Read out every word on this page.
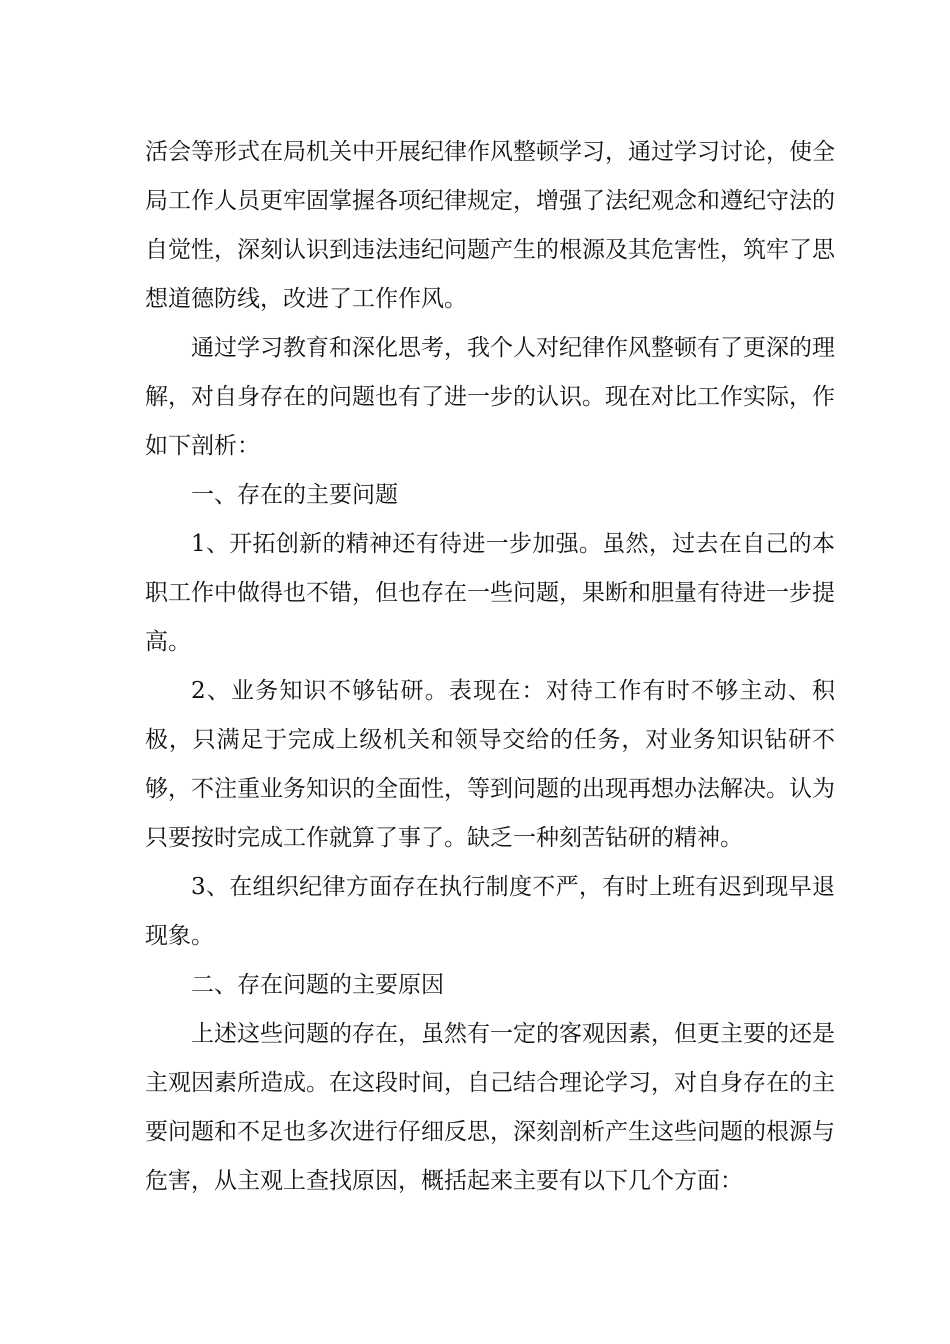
活会等形式在局机关中开展纪律作风整顿学习，通过学习讨论，使全局工作人员更牢固掌握各项纪律规定，增强了法纪观念和遵纪守法的自觉性，深刻认识到违法违纪问题产生的根源及其危害性，筑牢了思想道德防线，改进了工作作风。

通过学习教育和深化思考，我个人对纪律作风整顿有了更深的理解，对自身存在的问题也有了进一步的认识。现在对比工作实际，作如下剖析：

一、存在的主要问题

1、开拓创新的精神还有待进一步加强。虽然，过去在自己的本职工作中做得也不错，但也存在一些问题，果断和胆量有待进一步提高。

2、业务知识不够钻研。表现在：对待工作有时不够主动、积极，只满足于完成上级机关和领导交给的任务，对业务知识钻研不够，不注重业务知识的全面性，等到问题的出现再想办法解决。认为只要按时完成工作就算了事了。缺乏一种刻苦钻研的精神。

3、在组织纪律方面存在执行制度不严，有时上班有迟到现早退现象。

二、存在问题的主要原因

上述这些问题的存在，虽然有一定的客观因素，但更主要的还是主观因素所造成。在这段时间，自己结合理论学习，对自身存在的主要问题和不足也多次进行仔细反思，深刻剖析产生这些问题的根源与危害，从主观上查找原因，概括起来主要有以下几个方面：
